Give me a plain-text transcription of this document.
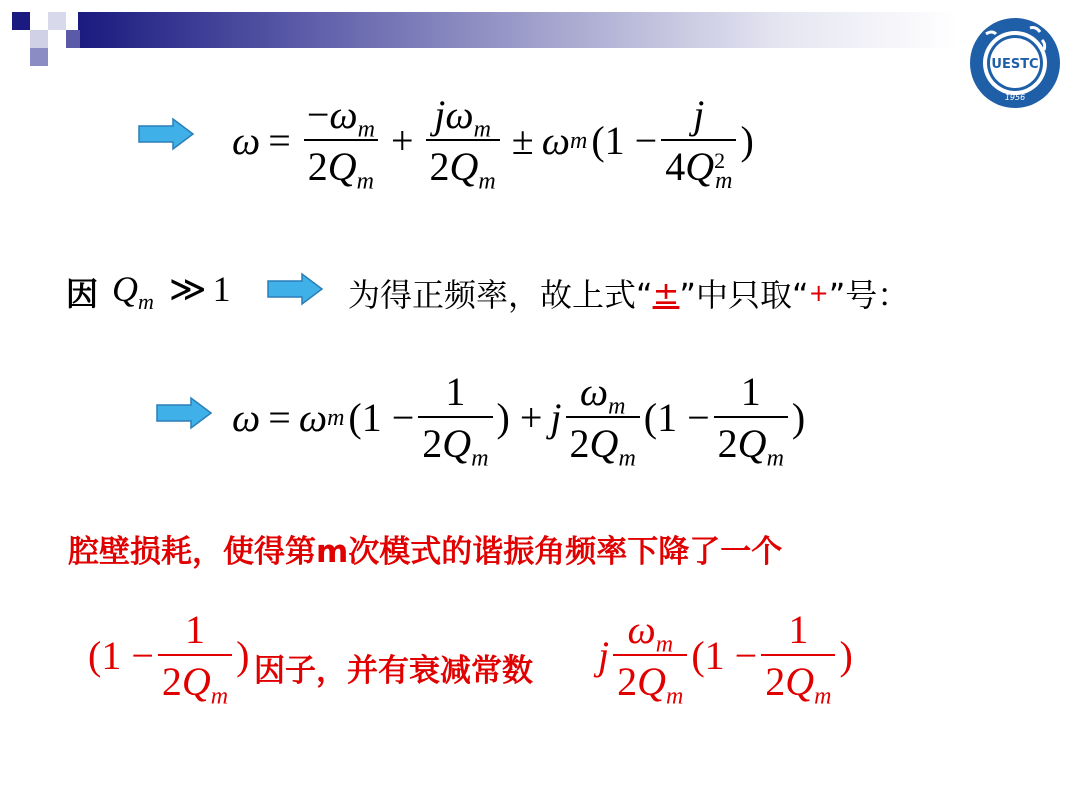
UESTC
1956
$\omega = \frac{-\omega_m}{2Q_m} + \frac{j\omega_m}{2Q_m} \pm \omega$ m ($1 - \frac{j}{4Q^2_m}$ )
因 $Q_m$ ≫ 1	为得正频率，故上式“ ± ”中只取“ + ”号：
ω = ω m ($1 - \frac{1}{2Q_m}$ ) + j $\frac{\omega_m}{2Q_m} (1 - \frac{1}{2Q_m}$ )
腔壁损耗，使得第m次模式的谐振角频率下降了一个
($1 - \frac{1}{2Q_m}$ ) 因子，并有衰减常数 j $\frac{\omega_m}{2Q_m} (1 - \frac{1}{2Q_m}$ )
